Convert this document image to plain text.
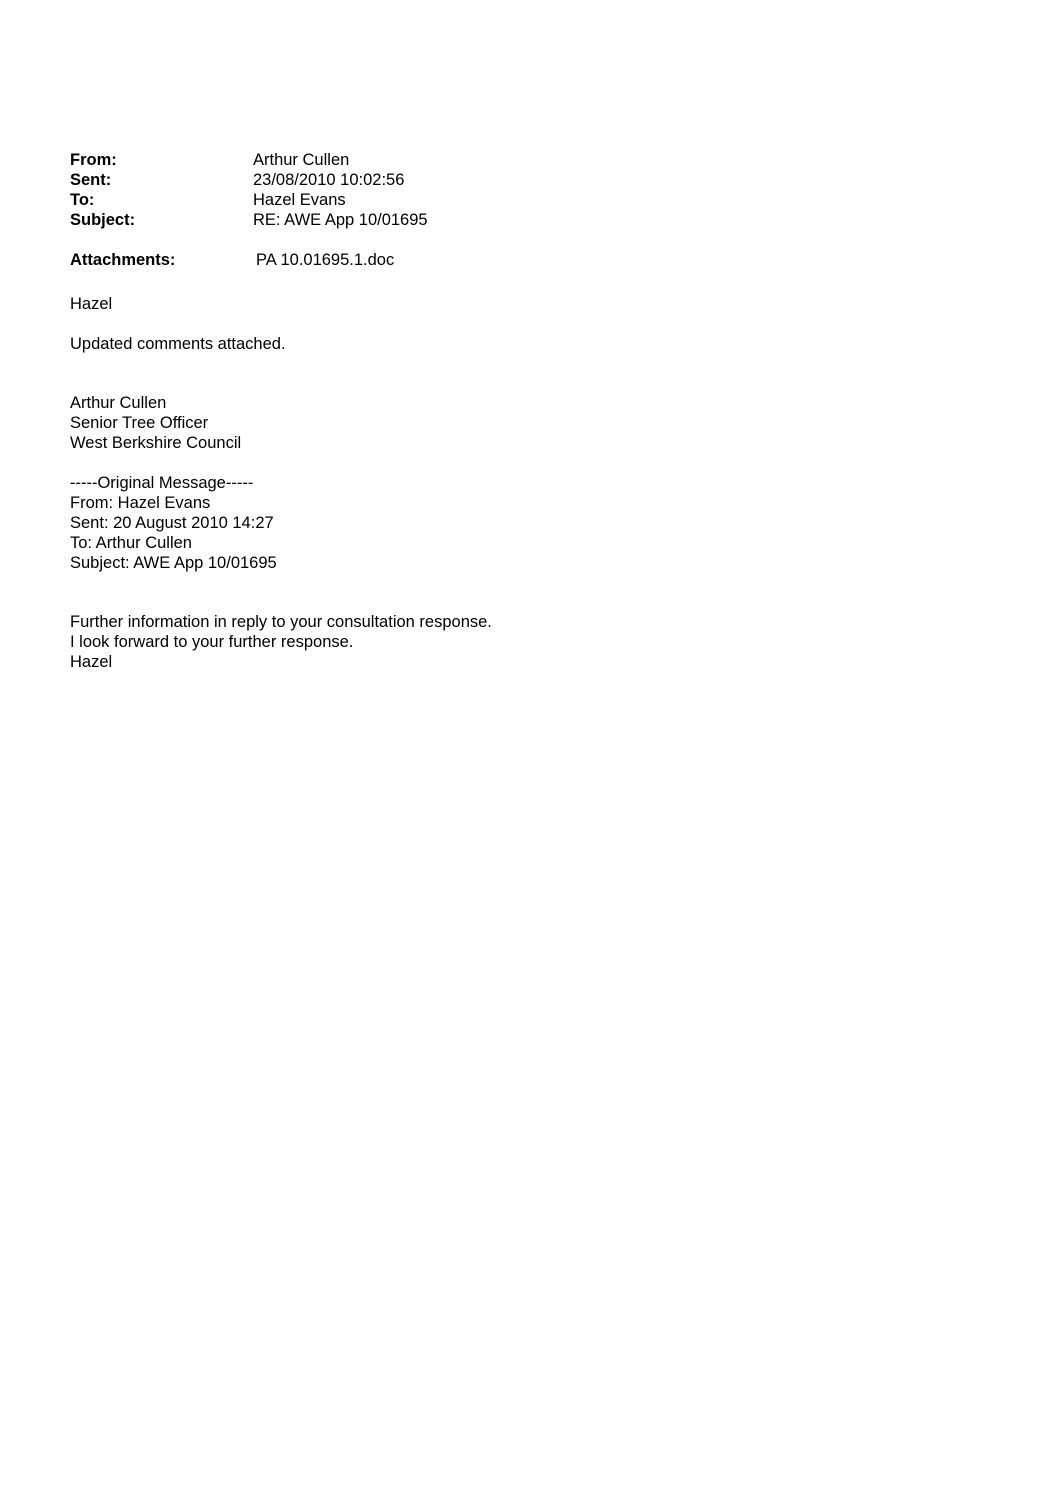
From:	Arthur Cullen
Sent:	23/08/2010 10:02:56
To:	Hazel Evans
Subject:	RE: AWE App 10/01695
Attachments:	PA 10.01695.1.doc
Hazel
Updated comments attached.
Arthur Cullen
Senior Tree Officer
West Berkshire Council
-----Original Message-----
From: Hazel Evans
Sent: 20 August 2010 14:27
To: Arthur Cullen
Subject: AWE App 10/01695
Further information in reply to your consultation response.
I look forward to your further response.
Hazel
